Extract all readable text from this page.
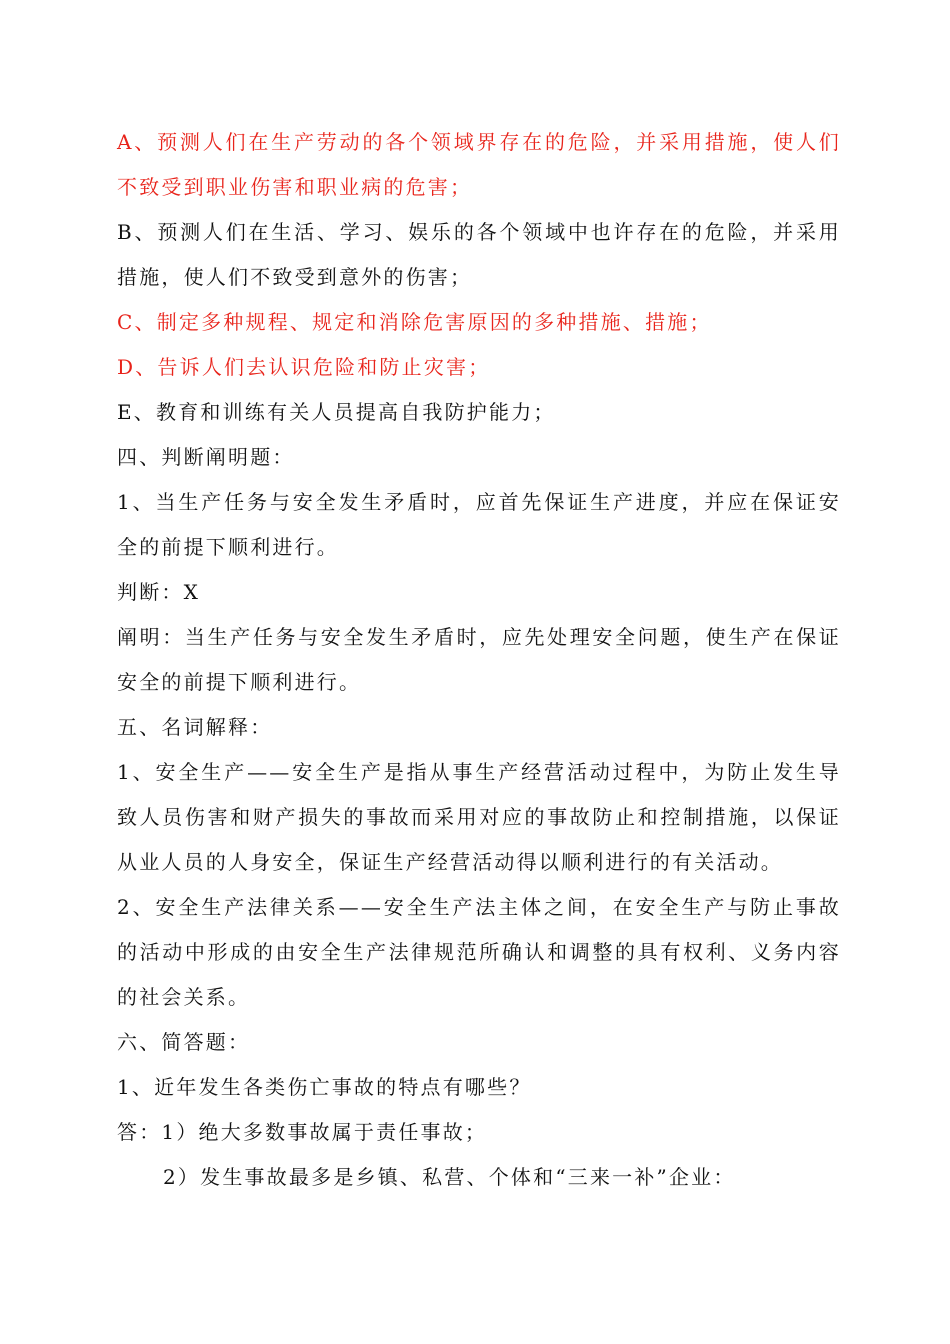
A、预测人们在生产劳动的各个领域界存在的危险，并采用措施，使人们不致受到职业伤害和职业病的危害；

B、预测人们在生活、学习、娱乐的各个领域中也许存在的危险，并采用措施，使人们不致受到意外的伤害；

C、制定多种规程、规定和消除危害原因的多种措施、措施；

D、告诉人们去认识危险和防止灾害；

E、教育和训练有关人员提高自我防护能力；

四、判断阐明题：

1、当生产任务与安全发生矛盾时，应首先保证生产进度，并应在保证安全的前提下顺利进行。

判断：X

阐明：当生产任务与安全发生矛盾时，应先处理安全问题，使生产在保证安全的前提下顺利进行。

五、名词解释：

1、安全生产——安全生产是指从事生产经营活动过程中，为防止发生导致人员伤害和财产损失的事故而采用对应的事故防止和控制措施，以保证从业人员的人身安全，保证生产经营活动得以顺利进行的有关活动。

2、安全生产法律关系——安全生产法主体之间，在安全生产与防止事故的活动中形成的由安全生产法律规范所确认和调整的具有权利、义务内容的社会关系。

六、简答题：

1、近年发生各类伤亡事故的特点有哪些？

答：1）绝大多数事故属于责任事故；

2）发生事故最多是乡镇、私营、个体和“三来一补”企业：
